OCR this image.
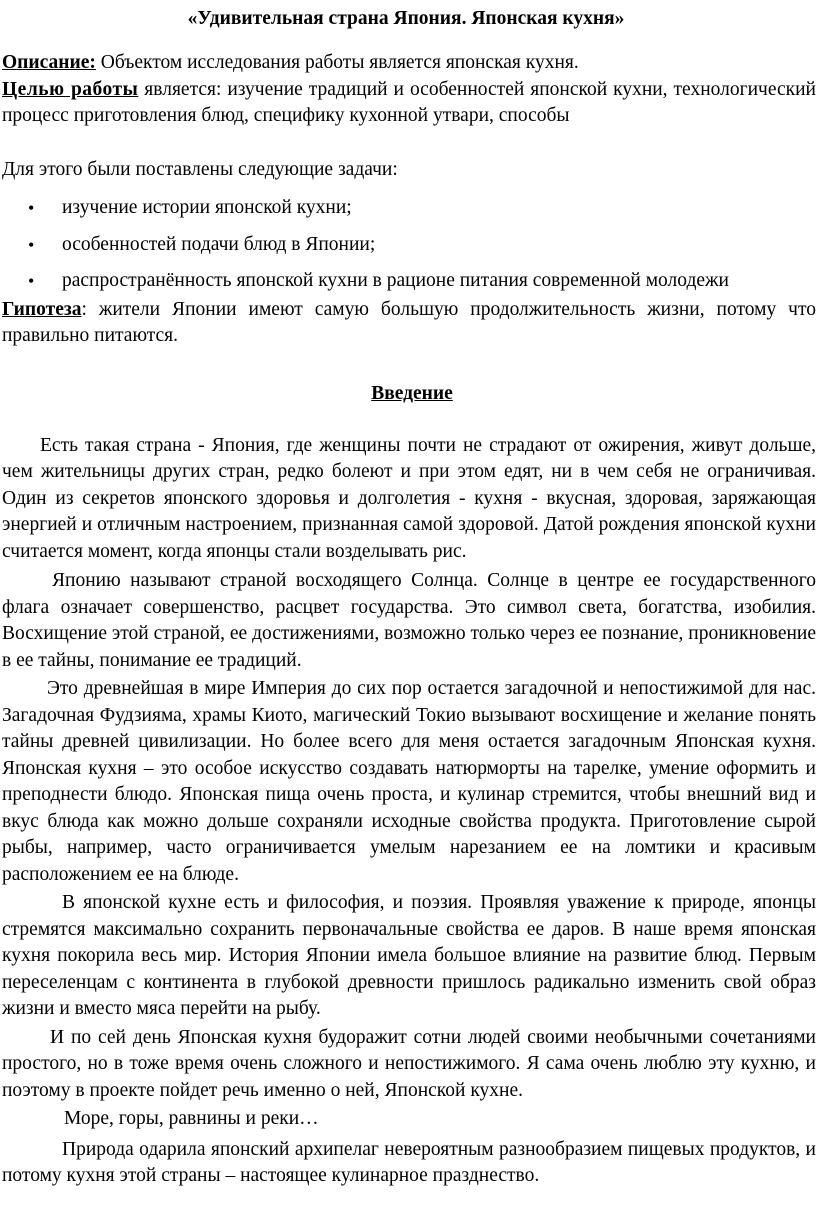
«Удивительная страна Япония. Японская кухня»
Описание: Объектом исследования работы является японская кухня.
Целью работы является: изучение традиций и особенностей японской кухни, технологический процесс приготовления блюд, специфику кухонной утвари, способы
Для этого были поставлены следующие задачи:
• изучение истории японской кухни;
• особенностей подачи блюд в Японии;
• распространённость японской кухни в рационе питания современной молодежи
Гипотеза: жители Японии имеют самую большую продолжительность жизни, потому что правильно питаются.
Введение
Есть такая страна - Япония, где женщины почти не страдают от ожирения, живут дольше, чем жительницы других стран, редко болеют и при этом едят, ни в чем себя не ограничивая. Один из секретов японского здоровья и долголетия - кухня - вкусная, здоровая, заряжающая энергией и отличным настроением, признанная самой здоровой. Датой рождения японской кухни считается момент, когда японцы стали возделывать рис.
Японию называют страной восходящего Солнца. Солнце в центре ее государственного флага означает совершенство, расцвет государства. Это символ света, богатства, изобилия. Восхищение этой страной, ее достижениями, возможно только через ее познание, проникновение в ее тайны, понимание ее традиций.
Это древнейшая в мире Империя до сих пор остается загадочной и непостижимой для нас. Загадочная Фудзияма, храмы Киото, магический Токио вызывают восхищение и желание понять тайны древней цивилизации. Но более всего для меня остается загадочным Японская кухня. Японская кухня – это особое искусство создавать натюрморты на тарелке, умение оформить и преподнести блюдо. Японская пища очень проста, и кулинар стремится, чтобы внешний вид и вкус блюда как можно дольше сохраняли исходные свойства продукта. Приготовление сырой рыбы, например, часто ограничивается умелым нарезанием ее на ломтики и красивым расположением ее на блюде.
В японской кухне есть и философия, и поэзия. Проявляя уважение к природе, японцы стремятся максимально сохранить первоначальные свойства ее даров. В наше время японская кухня покорила весь мир. История Японии имела большое влияние на развитие блюд. Первым переселенцам с континента в глубокой древности пришлось радикально изменить свой образ жизни и вместо мяса перейти на рыбу.
И по сей день Японская кухня будоражит сотни людей своими необычными сочетаниями простого, но в тоже время очень сложного и непостижимого. Я сама очень люблю эту кухню, и поэтому в проекте пойдет речь именно о ней, Японской кухне.
Море, горы, равнины и реки…
Природа одарила японский архипелаг невероятным разнообразием пищевых продуктов, и потому кухня этой страны – настоящее кулинарное празднество.
